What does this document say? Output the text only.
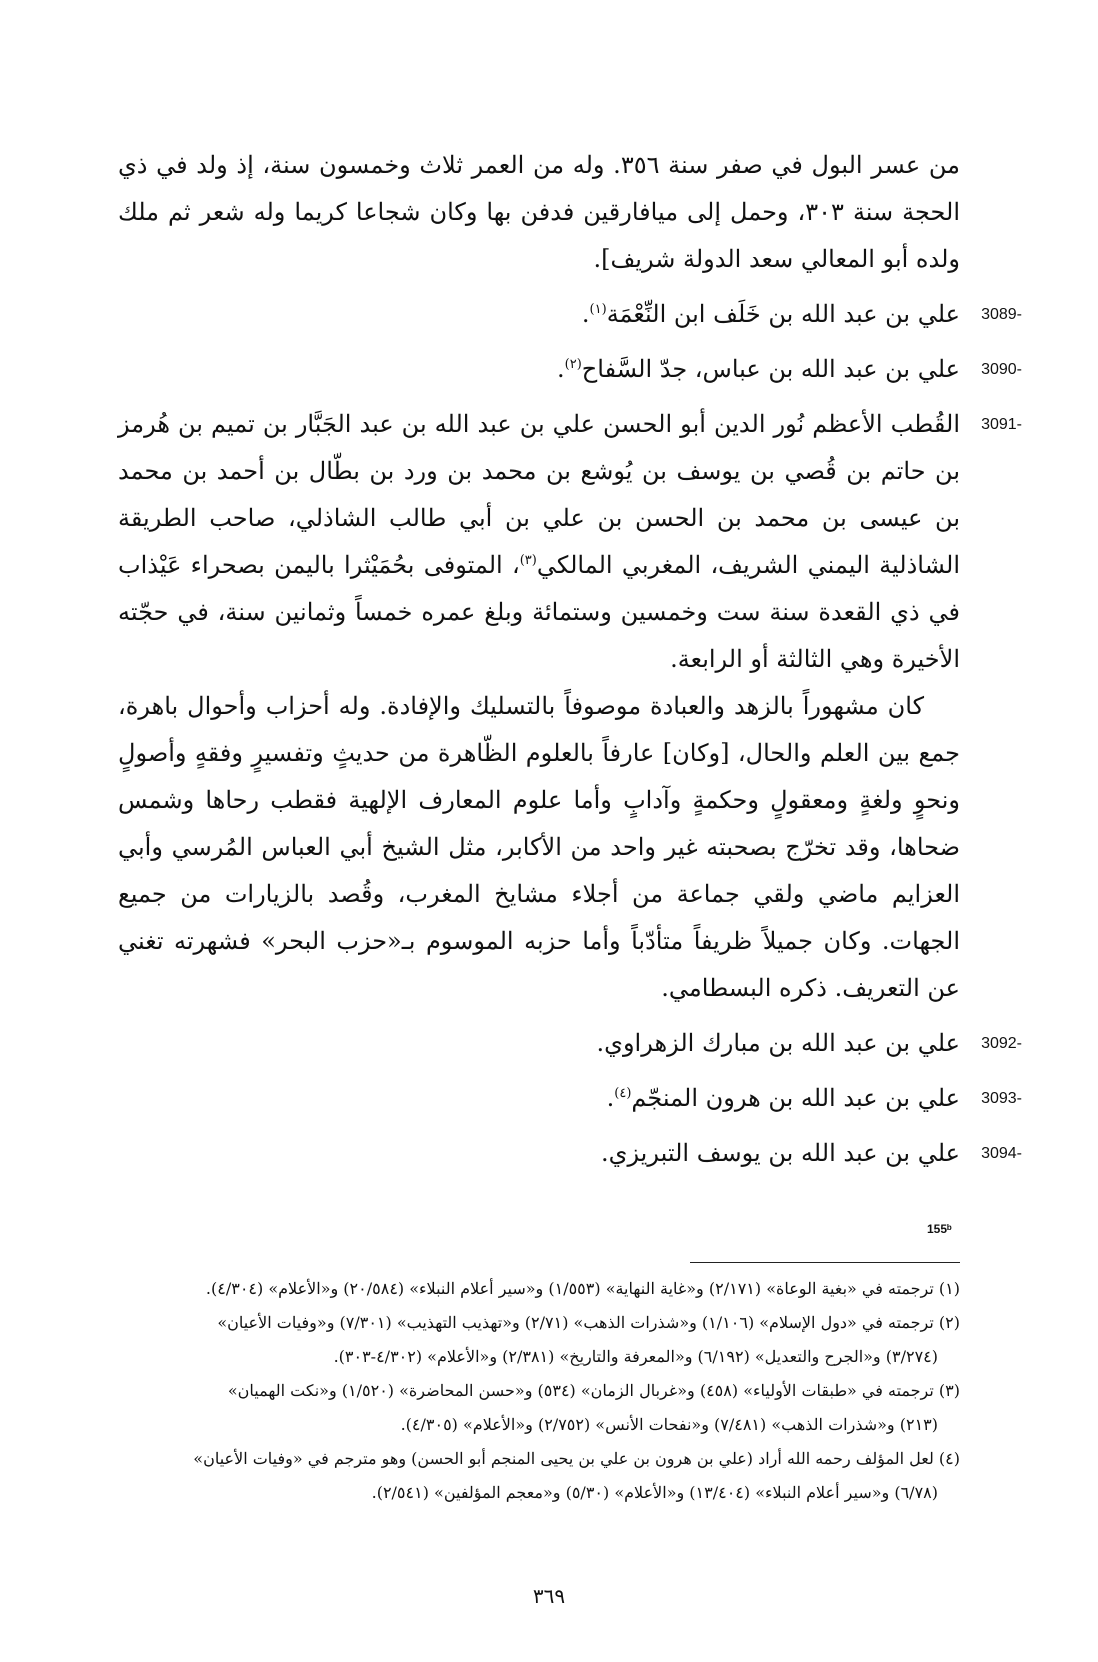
من عسر البول في صفر سنة ٣٥٦. وله من العمر ثلاث وخمسون سنة، إذ ولد في ذي الحجة سنة ٣٠٣، وحمل إلى ميافارقين فدفن بها وكان شجاعا كريما وله شعر ثم ملك ولده أبو المعالي سعد الدولة شريف].

3089 -
علي بن عبد الله بن خَلَف ابن النِّعْمَة$^{(١)}$.
3090 -
علي بن عبد الله بن عباس، جدّ السَّفاح$^{(٢)}$.
3091 -
القُطب الأعظم نُور الدين أبو الحسن علي بن عبد الله بن عبد الجَبَّار بن تميم بن هُرمز بن حاتم بن قُصي بن يوسف بن يُوشع بن محمد بن ورد بن بطّال بن أحمد بن محمد بن عيسى بن محمد بن الحسن بن علي بن أبي طالب الشاذلي، صاحب الطريقة الشاذلية اليمني الشريف، المغربي المالكي$^{(٣)}$، المتوفى بحُمَيْثرا باليمن بصحراء عَيْذاب في ذي القعدة سنة ست وخمسين وستمائة وبلغ عمره خمساً وثمانين سنة، في حجّته الأخيرة وهي الثالثة أو الرابعة.

كان مشهوراً بالزهد والعبادة موصوفاً بالتسليك والإفادة. وله أحزاب وأحوال باهرة، جمع بين العلم والحال، [وكان] عارفاً بالعلوم الظّاهرة من حديثٍ وتفسيرٍ وفقهٍ وأصولٍ ونحوٍ ولغةٍ ومعقولٍ وحكمةٍ وآدابٍ وأما علوم المعارف الإلهية فقطب رحاها وشمس ضحاها، وقد تخرّج بصحبته غير واحد من الأكابر، مثل الشيخ أبي العباس المُرسي وأبي العزايم ماضي ولقي جماعة من أجلاء مشايخ المغرب، وقُصد بالزيارات من جميع الجهات. وكان جميلاً ظريفاً متأدّباً وأما حزبه الموسوم بـ«حزب البحر» فشهرته تغني عن التعريف. ذكره البسطامي.

3092 -
علي بن عبد الله بن مبارك الزهراوي.
3093 -
علي بن عبد الله بن هرون المنجّم$^{(٤)}$.
3094 -
علي بن عبد الله بن يوسف التبريزي.
155ᵇ

(١) ترجمته في «بغية الوعاة» (٢/١٧١) و«غاية النهاية» (١/٥٥٣) و«سير أعلام النبلاء» (٢٠/٥٨٤) و«الأعلام» (٤/٣٠٤).

(٢) ترجمته في «دول الإسلام» (١/١٠٦) و«شذرات الذهب» (٢/٧١) و«تهذيب التهذيب» (٧/٣٠١) و«وفيات الأعيان»

(٣/٢٧٤) و«الجرح والتعديل» (٦/١٩٢) و«المعرفة والتاريخ» (٢/٣٨١) و«الأعلام» (٤/٣٠٢-٣٠٣).

(٣) ترجمته في «طبقات الأولياء» (٤٥٨) و«غربال الزمان» (٥٣٤) و«حسن المحاضرة» (١/٥٢٠) و«نكت الهميان»

(٢١٣) و«شذرات الذهب» (٧/٤٨١) و«نفحات الأنس» (٢/٧٥٢) و«الأعلام» (٤/٣٠٥).

(٤) لعل المؤلف رحمه الله أراد (علي بن هرون بن علي بن يحيى المنجم أبو الحسن) وهو مترجم في «وفيات الأعيان»

(٦/٧٨) و«سير أعلام النبلاء» (١٣/٤٠٤) و«الأعلام» (٥/٣٠) و«معجم المؤلفين» (٢/٥٤١).

٣٦٩
